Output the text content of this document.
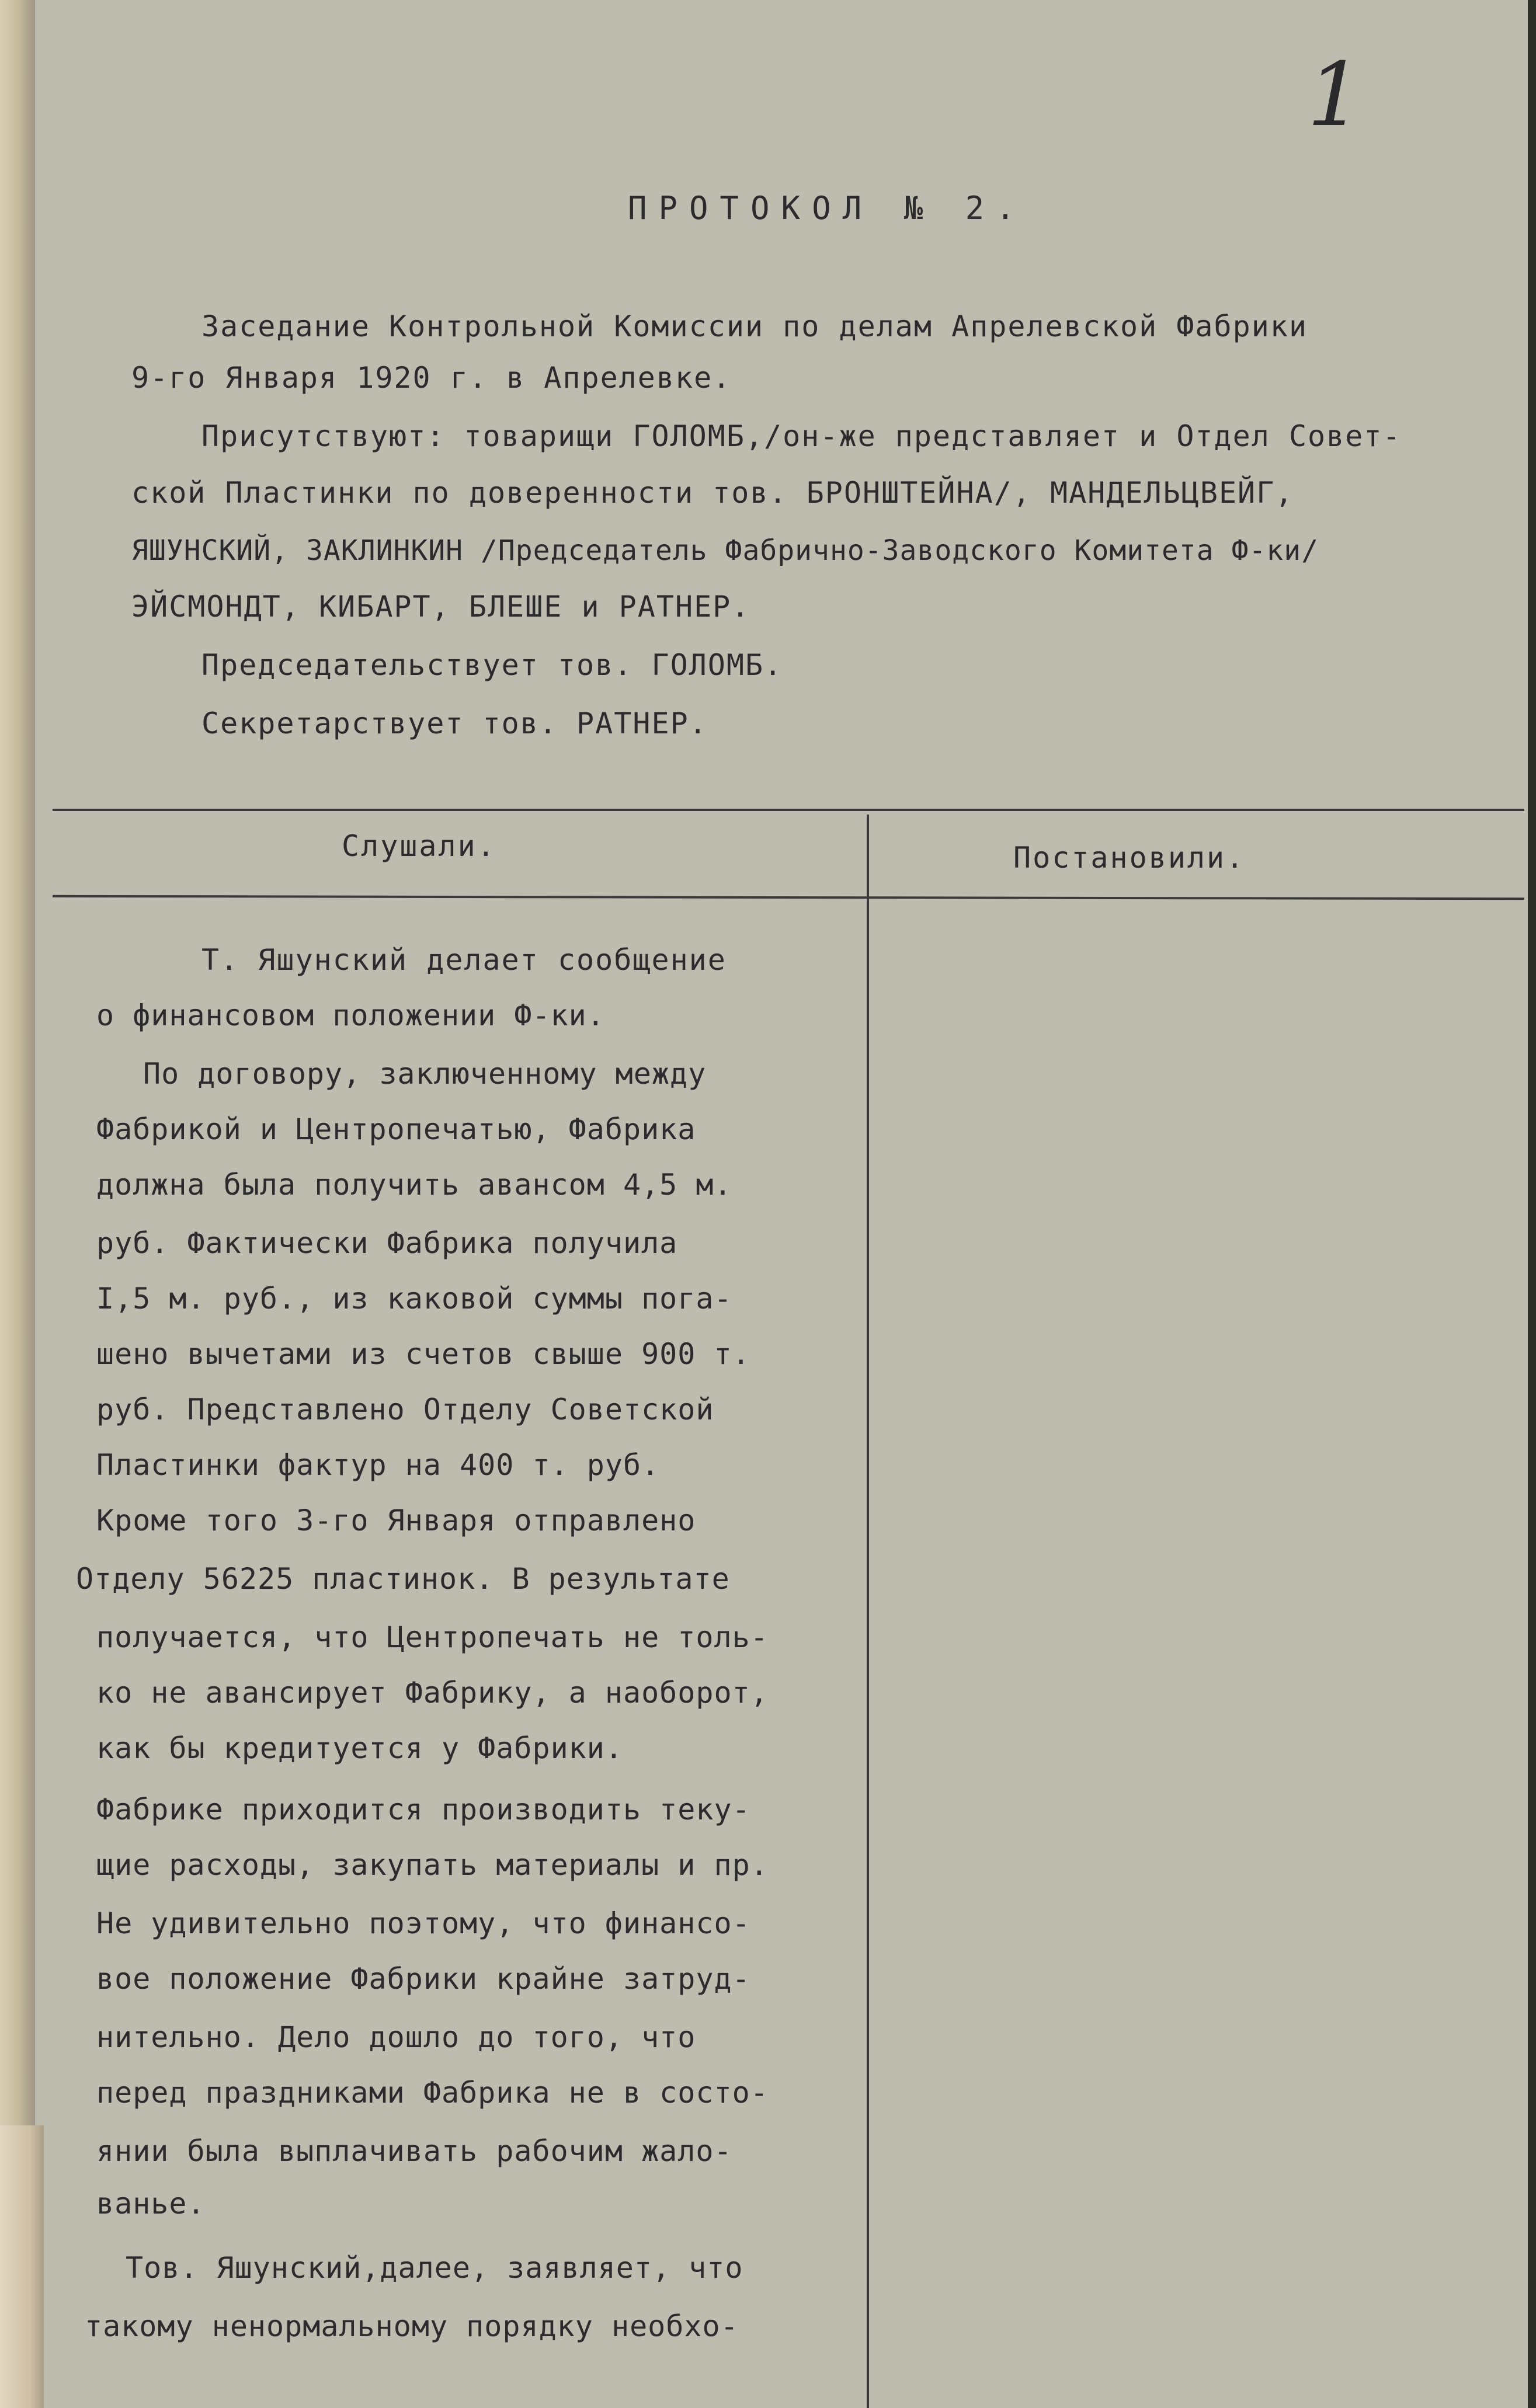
1
ПРОТОКОЛ № 2.
Заседание Контрольной Комиссии по делам Апрелевской Фабрики
9-го Января 1920 г. в Апрелевке.
Присутствуют: товарищи ГОЛОМБ,/он-же представляет и Отдел Совет-
ской Пластинки по доверенности тов. БРОНШТЕЙНА/, МАНДЕЛЬЦВЕЙГ,
ЯШУНСКИЙ, ЗАКЛИНКИН /Председатель Фабрично-Заводского Комитета Ф-ки/
ЭЙСМОНДТ, КИБАРТ, БЛЕШЕ и РАТНЕР.
Председательствует тов. ГОЛОМБ.
Секретарствует тов. РАТНЕР.
Слушали.	Постановили.
Т. Яшунский делает сообщение
о финансовом положении Ф-ки.
По договору, заключенному между
Фабрикой и Центропечатью, Фабрика
должна была получить авансом 4,5 м.
руб. Фактически Фабрика получила
I,5 м. руб., из каковой суммы пога-
шено вычетами из счетов свыше 900 т.
руб. Представлено Отделу Советской
Пластинки фактур на 400 т. руб.
Кроме того 3-го Января отправлено
Отделу 56225 пластинок. В результате
получается, что Центропечать не толь-
ко не авансирует Фабрику, а наоборот,
как бы кредитуется у Фабрики.
Фабрике приходится производить теку-
щие расходы, закупать материалы и пр.
Не удивительно поэтому, что финансо-
вое положение Фабрики крайне затруд-
нительно. Дело дошло до того, что
перед праздниками Фабрика не в состо-
янии была выплачивать рабочим жало-
ванье.
Тов. Яшунский,далее, заявляет, что
такому ненормальному порядку необхо-
